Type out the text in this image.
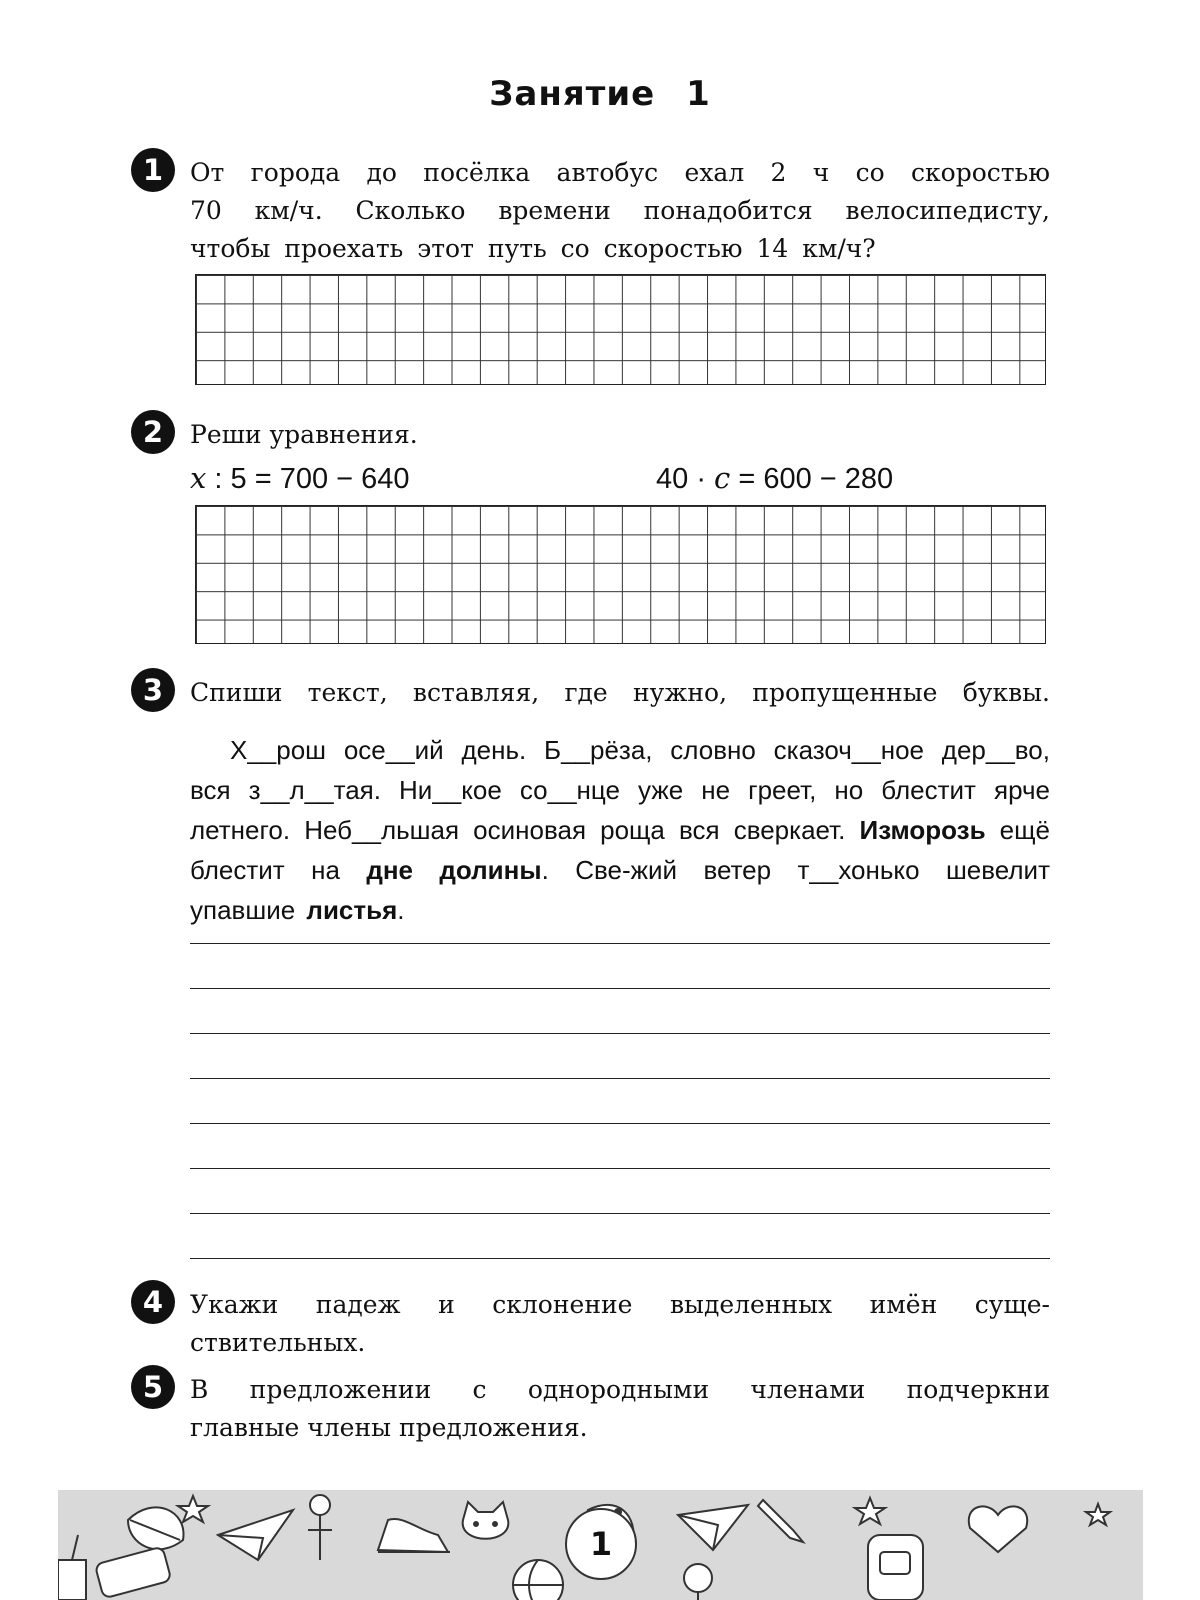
Занятие 1
1	От города до посёлка автобус ехал 2 ч со скоростью
70 км/ч. Сколько времени понадобится велосипедисту,
чтобы проехать этот путь со скоростью 14 км/ч?
2	Реши уравнения.
x : 5 = 700 − 640	40 · c = 600 − 280
3	Спиши текст, вставляя, где нужно, пропущенные буквы.

Х__рош осе__ий день. Б__рёза, словно сказоч__ное дер__во, вся з__л__тая. Ни__кое со__нце уже не греет, но блестит ярче летнего. Неб__льшая осиновая роща вся сверкает. Изморозь ещё блестит на дне долины. Све-жий ветер т__хонько шевелит упавшие листья.

4	Укажи падеж и склонение выделенных имён суще-
ствительных.
5	В предложении с однородными членами подчеркни
главные члены предложения.
1
